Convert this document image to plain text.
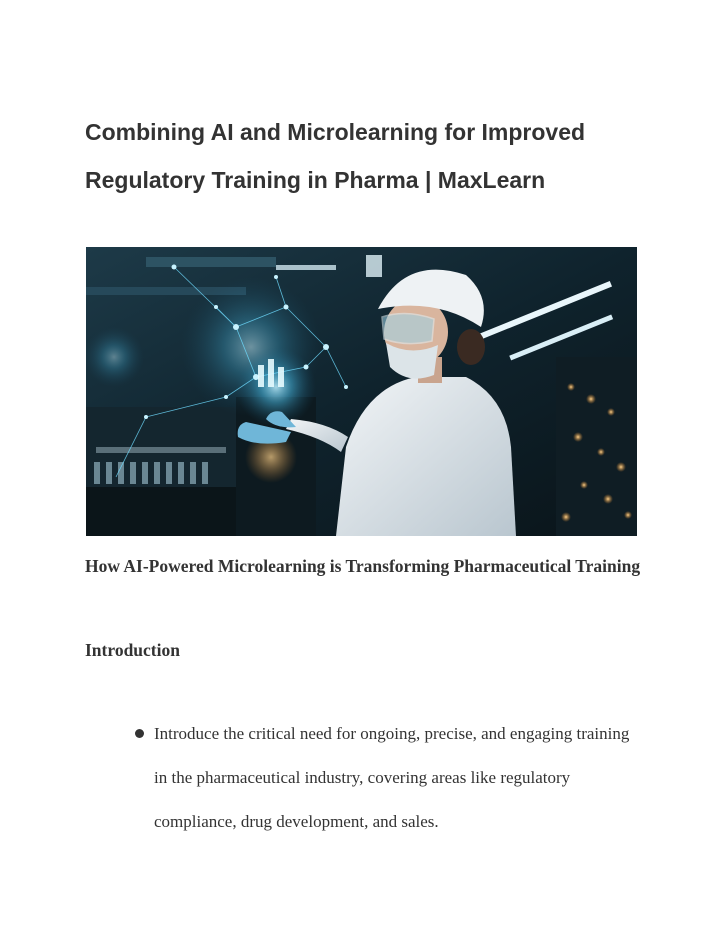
Combining AI and Microlearning for Improved Regulatory Training in Pharma | MaxLearn
How AI-Powered Microlearning is Transforming Pharmaceutical Training
Introduction
Introduce the critical need for ongoing, precise, and engaging training in the pharmaceutical industry, covering areas like regulatory compliance, drug development, and sales.
